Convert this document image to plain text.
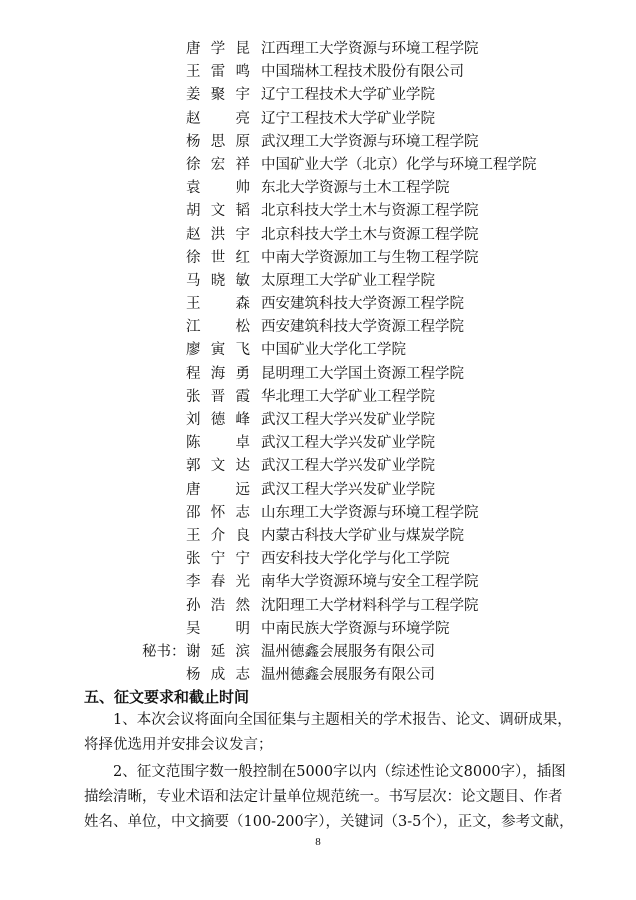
唐学昆 江西理工大学资源与环境工程学院
王雷鸣 中国瑞林工程技术股份有限公司
姜聚宇 辽宁工程技术大学矿业学院
赵亮 辽宁工程技术大学矿业学院
杨思原 武汉理工大学资源与环境工程学院
徐宏祥 中国矿业大学（北京）化学与环境工程学院
袁帅 东北大学资源与土木工程学院
胡文韬 北京科技大学土木与资源工程学院
赵洪宇 北京科技大学土木与资源工程学院
徐世红 中南大学资源加工与生物工程学院
马晓敏 太原理工大学矿业工程学院
王森 西安建筑科技大学资源工程学院
江松 西安建筑科技大学资源工程学院
廖寅飞 中国矿业大学化工学院
程海勇 昆明理工大学国土资源工程学院
张晋霞 华北理工大学矿业工程学院
刘德峰 武汉工程大学兴发矿业学院
陈卓 武汉工程大学兴发矿业学院
郭文达 武汉工程大学兴发矿业学院
唐远 武汉工程大学兴发矿业学院
邵怀志 山东理工大学资源与环境工程学院
王介良 内蒙古科技大学矿业与煤炭学院
张宁宁 西安科技大学化学与化工学院
李春光 南华大学资源环境与安全工程学院
孙浩然 沈阳理工大学材料科学与工程学院
吴明 中南民族大学资源与环境学院
秘书： 谢延滨 温州德鑫会展服务有限公司
杨成志 温州德鑫会展服务有限公司
五、征文要求和截止时间
1、本次会议将面向全国征集与主题相关的学术报告、论文、调研成果，
将择优选用并安排会议发言；
2、征文范围字数一般控制在5000字以内（综述性论文8000字），插图
描绘清晰，专业术语和法定计量单位规范统一。书写层次：论文题目、作者
姓名、单位，中文摘要（100-200字），关键词（3-5个），正文，参考文献，
8
